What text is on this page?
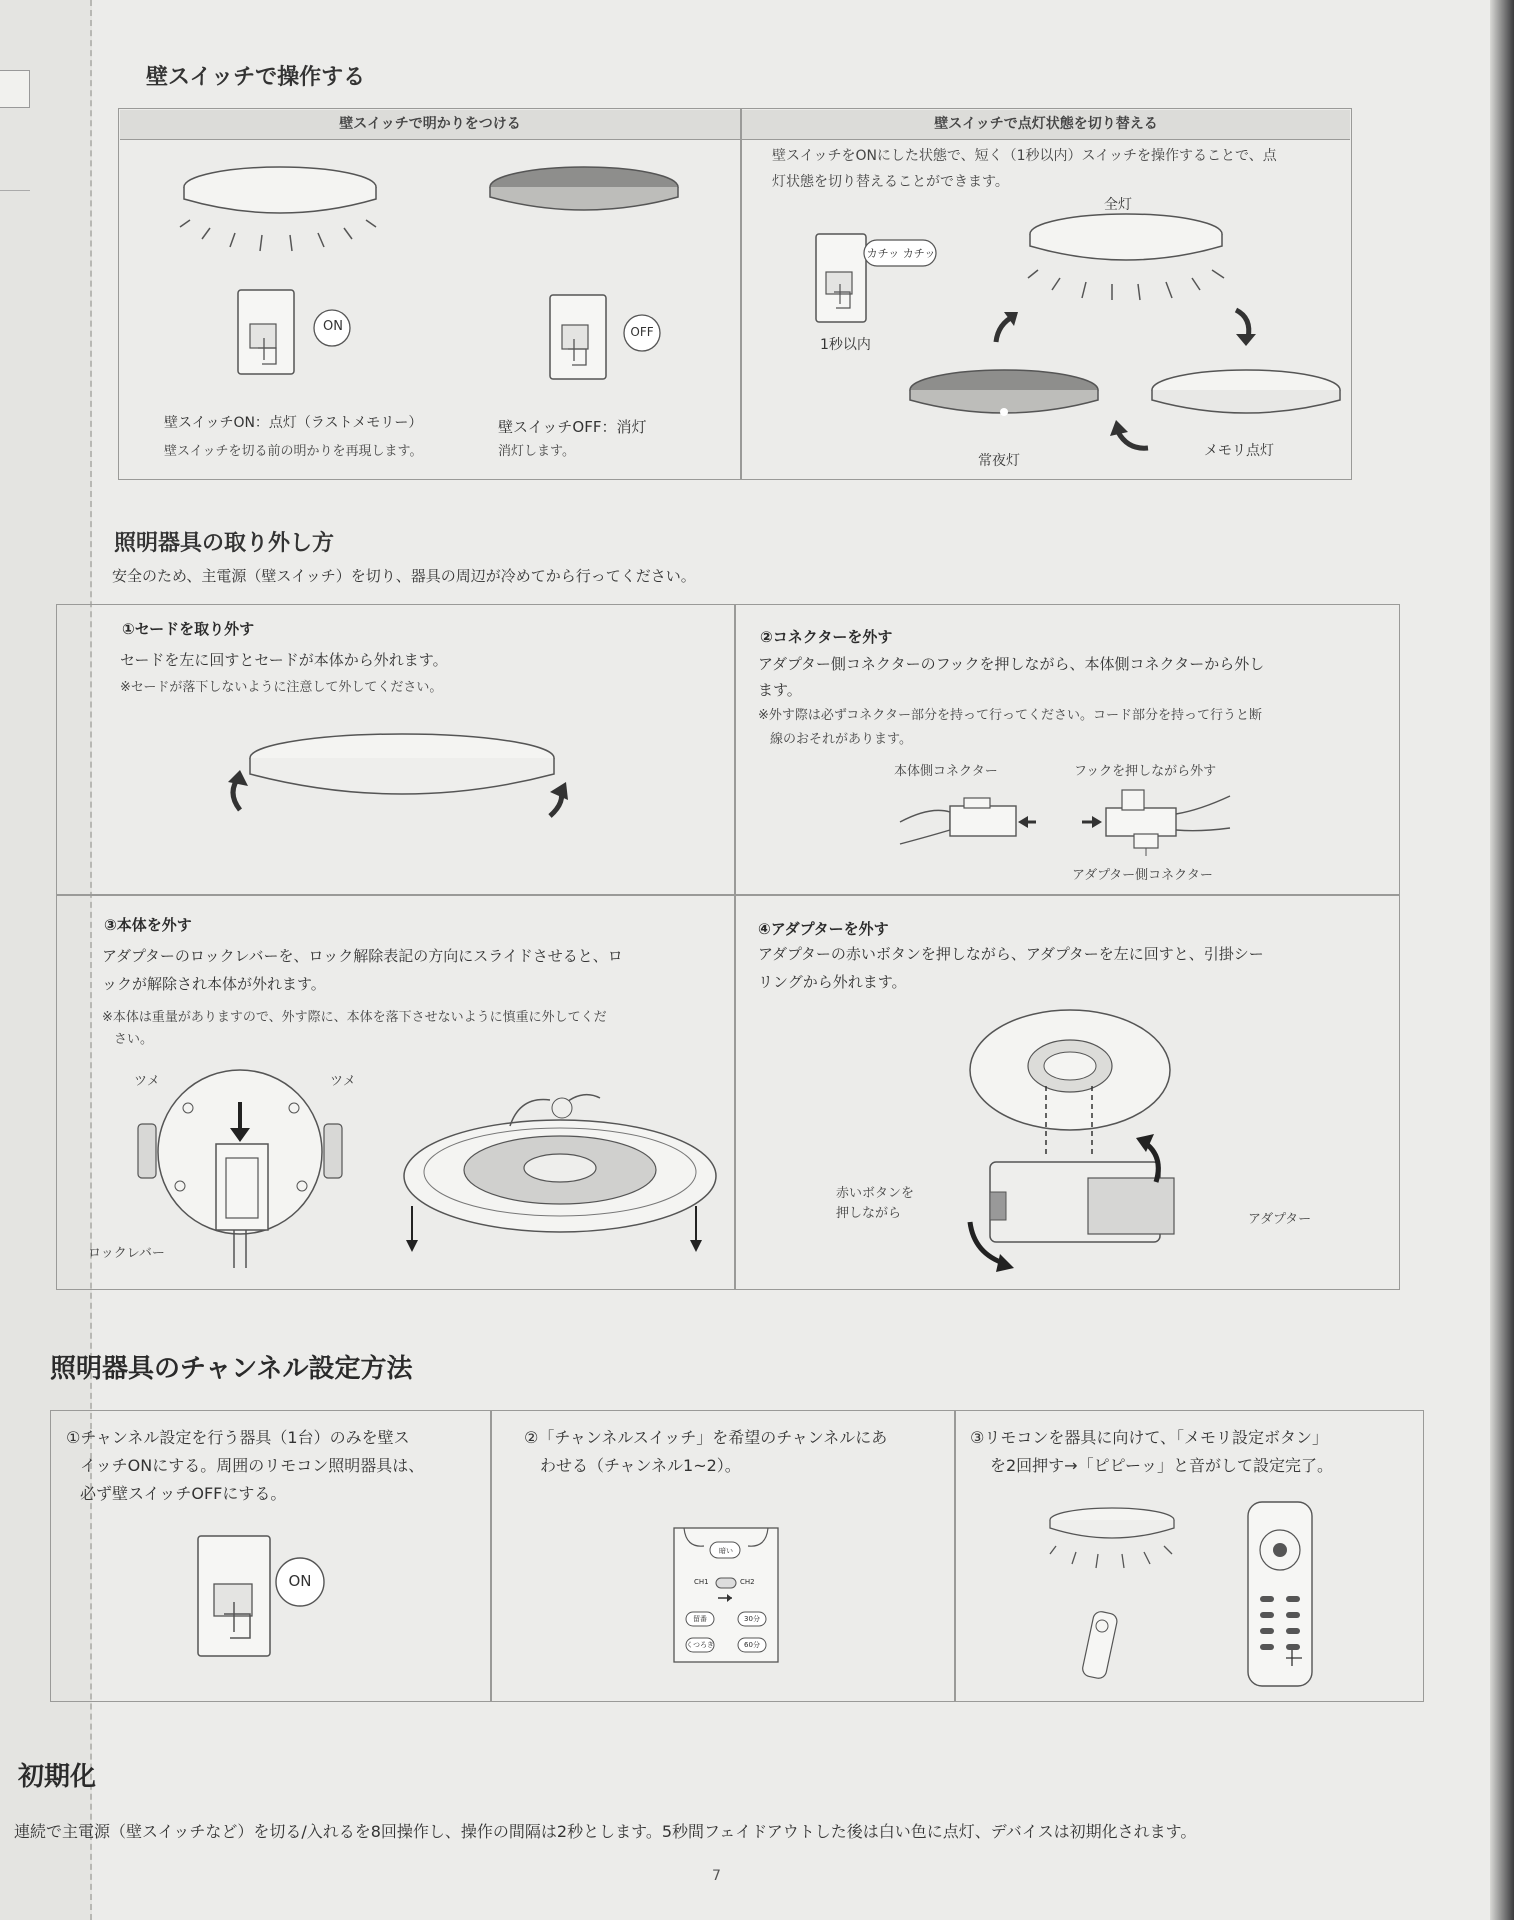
壁スイッチで操作する
壁スイッチで明かりをつける	壁スイッチで点灯状態を切り替える
ON	OFF
壁スイッチON：点灯（ラストメモリー）
壁スイッチを切る前の明かりを再現します。
壁スイッチOFF：消灯
消灯します。
壁スイッチをONにした状態で、短く（1秒以内）スイッチを操作することで、点
灯状態を切り替えることができます。
カチッ カチッ
1秒以内
全灯
メモリ点灯
常夜灯
照明器具の取り外し方
安全のため、主電源（壁スイッチ）を切り、器具の周辺が冷めてから行ってください。
①セードを取り外す
セードを左に回すとセードが本体から外れます。
※セードが落下しないように注意して外してください。
②コネクターを外す
アダプター側コネクターのフックを押しながら、本体側コネクターから外し
ます。
※外す際は必ずコネクター部分を持って行ってください。コード部分を持って行うと断
線のおそれがあります。
本体側コネクター	フックを押しながら外す
アダプター側コネクター
③本体を外す
アダプターのロックレバーを、ロック解除表記の方向にスライドさせると、ロ
ックが解除され本体が外れます。
※本体は重量がありますので、外す際に、本体を落下させないように慎重に外してくだ
さい。
ツメ	ツメ
ロックレバー
④アダプターを外す
アダプターの赤いボタンを押しながら、アダプターを左に回すと、引掛シー
リングから外れます。
赤いボタンを
押しながら	アダプター
照明器具のチャンネル設定方法
①チャンネル設定を行う器具（1台）のみを壁ス
イッチONにする。周囲のリモコン照明器具は、
必ず壁スイッチOFFにする。
ON
②「チャンネルスイッチ」を希望のチャンネルにあ
わせる（チャンネル1~2）。
暗い
CH1	CH2
留番	30分
くつろぎ	60分
③リモコンを器具に向けて、「メモリ設定ボタン」
を2回押す→「ピピーッ」と音がして設定完了。
初期化
連続で主電源（壁スイッチなど）を切る/入れるを8回操作し、操作の間隔は2秒とします。5秒間フェイドアウトした後は白い色に点灯、デバイスは初期化されます。
7
